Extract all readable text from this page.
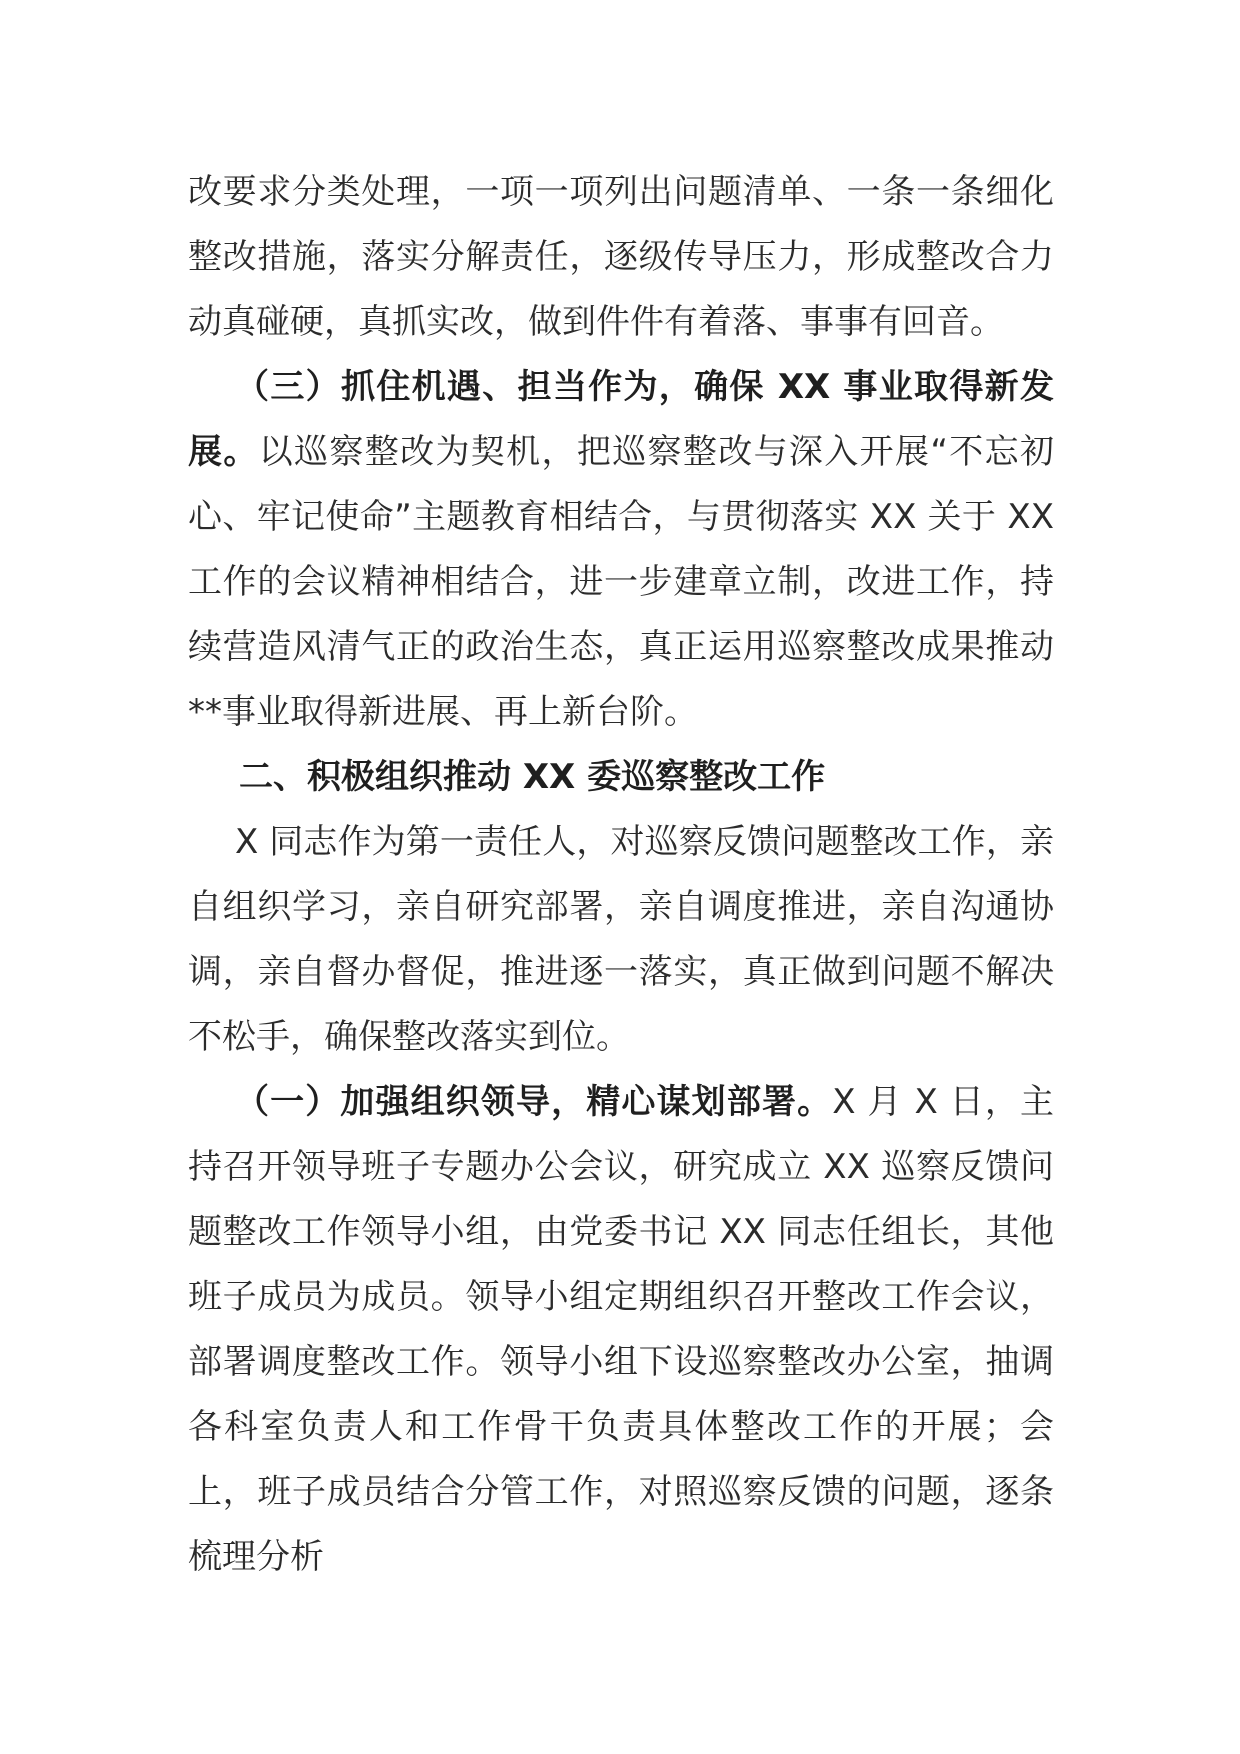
改要求分类处理，一项一项列出问题清单、一条一条细化整改措施，落实分解责任，逐级传导压力，形成整改合力动真碰硬，真抓实改，做到件件有着落、事事有回音。

（三）抓住机遇、担当作为，确保 XX 事业取得新发展。以巡察整改为契机，把巡察整改与深入开展“不忘初心、牢记使命”主题教育相结合，与贯彻落实 XX 关于 XX 工作的会议精神相结合，进一步建章立制，改进工作，持续营造风清气正的政治生态，真正运用巡察整改成果推动**事业取得新进展、再上新台阶。

二、积极组织推动 XX 委巡察整改工作

X 同志作为第一责任人，对巡察反馈问题整改工作，亲自组织学习，亲自研究部署，亲自调度推进，亲自沟通协调，亲自督办督促，推进逐一落实，真正做到问题不解决不松手，确保整改落实到位。

（一）加强组织领导，精心谋划部署。X 月 X 日，主持召开领导班子专题办公会议，研究成立 XX 巡察反馈问题整改工作领导小组，由党委书记 XX 同志任组长，其他班子成员为成员。领导小组定期组织召开整改工作会议，部署调度整改工作。领导小组下设巡察整改办公室，抽调各科室负责人和工作骨干负责具体整改工作的开展；会上，班子成员结合分管工作，对照巡察反馈的问题，逐条梳理分析
